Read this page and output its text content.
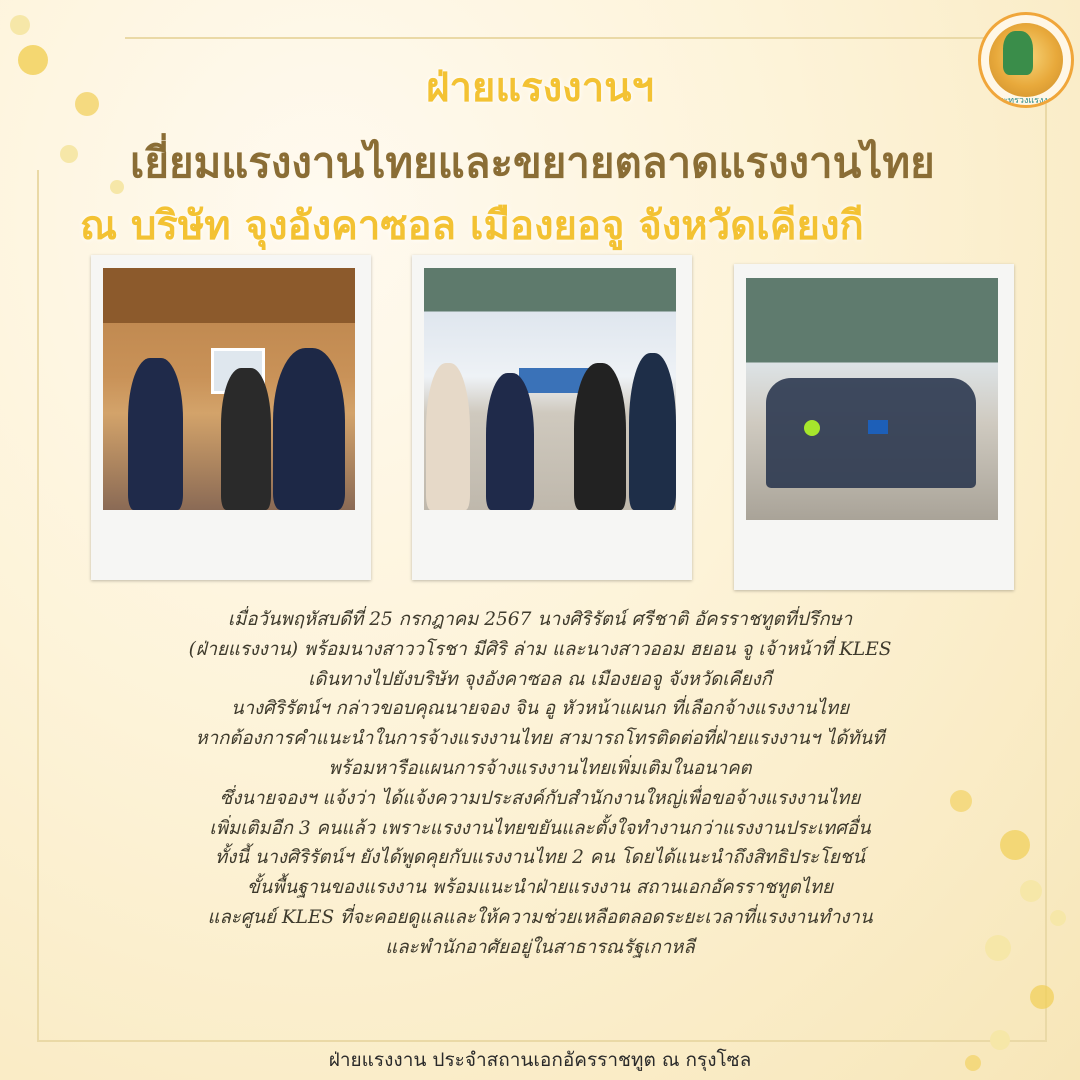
กระทรวงแรงงาน
ฝ่ายแรงงานฯ
เยี่ยมแรงงานไทยและขยายตลาดแรงงานไทย
ณ บริษัท จุงอังคาซอล เมืองยอจู จังหวัดเคียงกี
เมื่อวันพฤหัสบดีที่ 25 กรกฎาคม 2567 นางศิริรัตน์ ศรีชาติ อัครราชทูตที่ปรึกษา
(ฝ่ายแรงงาน) พร้อมนางสาววโรชา มีศิริ ล่าม และนางสาวออม ฮยอน จู เจ้าหน้าที่ KLES
เดินทางไปยังบริษัท จุงอังคาซอล ณ เมืองยอจู จังหวัดเคียงกี
นางศิริรัตน์ฯ กล่าวขอบคุณนายจอง จิน อู หัวหน้าแผนก ที่เลือกจ้างแรงงานไทย
หากต้องการคำแนะนำในการจ้างแรงงานไทย สามารถโทรติดต่อที่ฝ่ายแรงงานฯ ได้ทันที
พร้อมหารือแผนการจ้างแรงงานไทยเพิ่มเติมในอนาคต
ซึ่งนายจองฯ แจ้งว่า ได้แจ้งความประสงค์กับสำนักงานใหญ่เพื่อขอจ้างแรงงานไทย
เพิ่มเติมอีก 3 คนแล้ว เพราะแรงงานไทยขยันและตั้งใจทำงานกว่าแรงงานประเทศอื่น
ทั้งนี้ นางศิริรัตน์ฯ ยังได้พูดคุยกับแรงงานไทย 2 คน โดยได้แนะนำถึงสิทธิประโยชน์
ขั้นพื้นฐานของแรงงาน พร้อมแนะนำฝ่ายแรงงาน สถานเอกอัครราชทูตไทย
และศูนย์ KLES ที่จะคอยดูแลและให้ความช่วยเหลือตลอดระยะเวลาที่แรงงานทำงาน
และพำนักอาศัยอยู่ในสาธารณรัฐเกาหลี
ฝ่ายแรงงาน ประจำสถานเอกอัครราชทูต ณ กรุงโซล
